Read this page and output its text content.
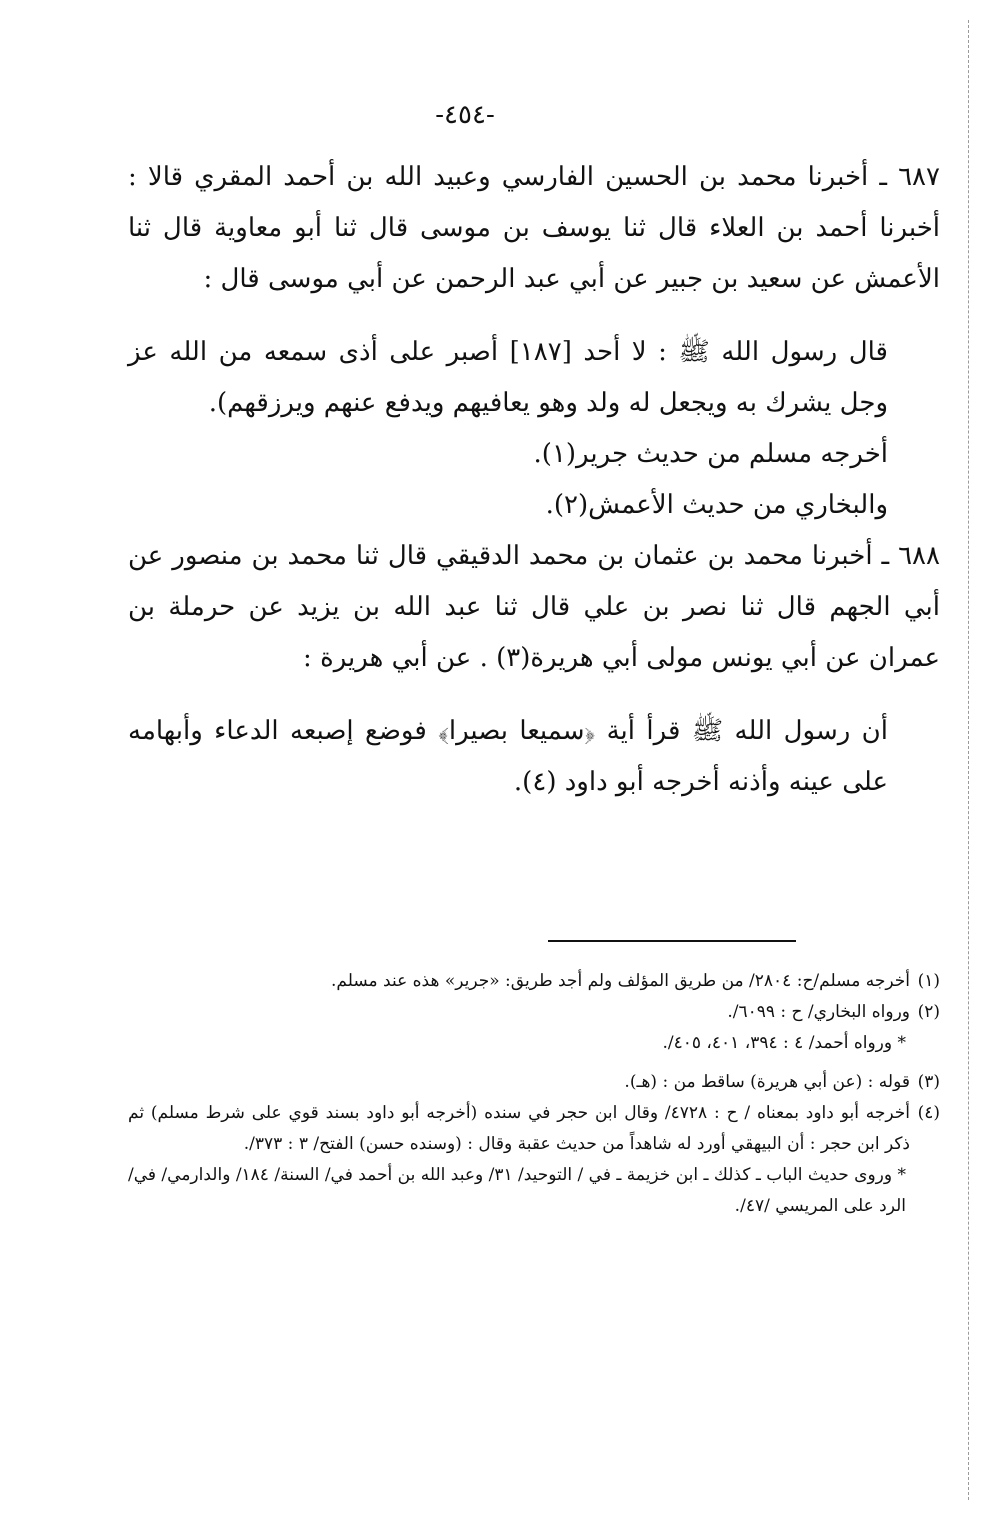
-٤٥٤-

٦٨٧ ـ أخبرنا محمد بن الحسين الفارسي وعبيد الله بن أحمد المقري قالا : أخبرنا أحمد بن العلاء قال ثنا يوسف بن موسى قال ثنا أبو معاوية قال ثنا الأعمش عن سعيد بن جبير عن أبي عبد الرحمن عن أبي موسى قال :

قال رسول الله ﷺ : لا أحد [١٨٧] أصبر على أذى سمعه من الله عز وجل يشرك به ويجعل له ولد وهو يعافيهم ويدفع عنهم ويرزقهم).

أخرجه مسلم من حديث جرير(١).

والبخاري من حديث الأعمش(٢).

٦٨٨ ـ أخبرنا محمد بن عثمان بن محمد الدقيقي قال ثنا محمد بن منصور عن أبي الجهم قال ثنا نصر بن علي قال ثنا عبد الله بن يزيد عن حرملة بن عمران عن أبي يونس مولى أبي هريرة(٣) . عن أبي هريرة :

أن رسول الله ﷺ قرأ أية ﴿سميعا بصيرا﴾ فوضع إصبعه الدعاء وأبهامه على عينه وأذنه أخرجه أبو داود (٤).

(١)
أخرجه مسلم/ح: ٢٨٠٤/ من طريق المؤلف ولم أجد طريق: «جرير» هذه عند مسلم.
(٢)
ورواه البخاري/ ح : ٦٠٩٩/.

* ورواه أحمد/ ٤ : ٣٩٤، ٤٠١، ٤٠٥/.

(٣)
قوله : (عن أبي هريرة) ساقط من : (هـ).
(٤)
أخرجه أبو داود بمعناه / ح : ٤٧٢٨/ وقال ابن حجر في سنده (أخرجه أبو داود بسند قوي على شرط مسلم) ثم ذكر ابن حجر : أن البيهقي أورد له شاهداً من حديث عقبة وقال : (وسنده حسن) الفتح/ ٣ : ٣٧٣/.

* وروى حديث الباب ـ كذلك ـ ابن خزيمة ـ في / التوحيد/ ٣١/ وعبد الله بن أحمد في/ السنة/ ١٨٤/ والدارمي/ في/ الرد على المريسي /٤٧/.
